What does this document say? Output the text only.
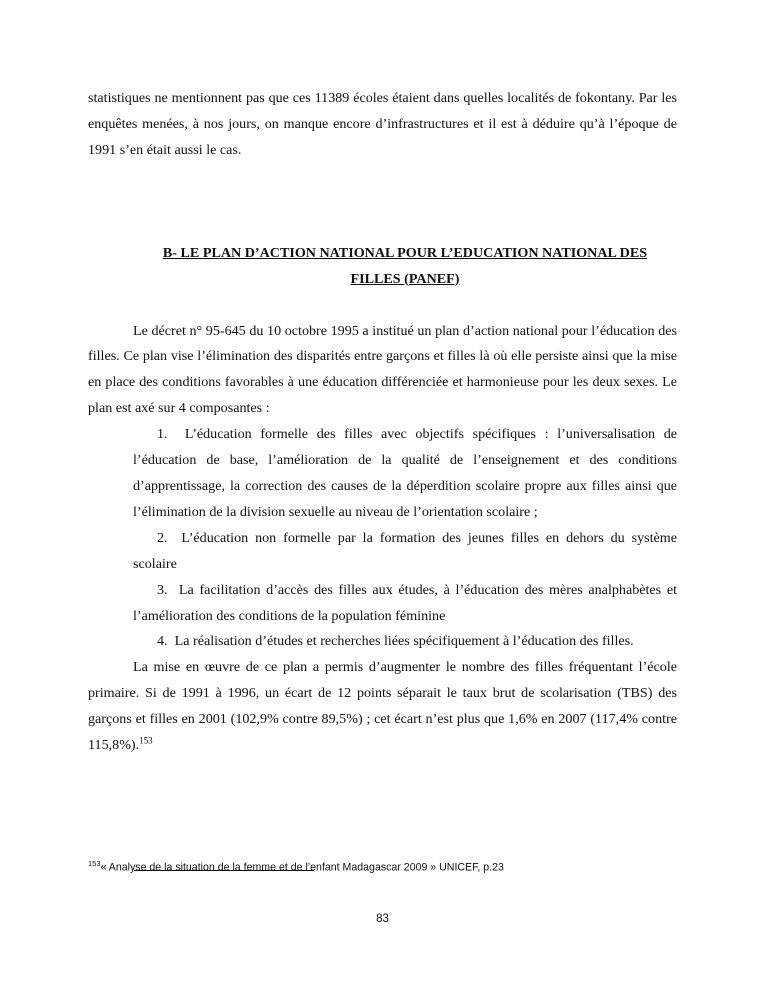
statistiques ne mentionnent pas que ces 11389 écoles étaient dans quelles localités de fokontany. Par les enquêtes menées, à nos jours, on manque encore d’infrastructures et il est à déduire qu’à l’époque de 1991 s’en était aussi le cas.

B- LE PLAN D’ACTION NATIONAL POUR L’EDUCATION NATIONAL DES
FILLES (PANEF)

Le décret n° 95-645 du 10 octobre 1995 a institué un plan d’action national pour l’éducation des filles. Ce plan vise l’élimination des disparités entre garçons et filles là où elle persiste ainsi que la mise en place des conditions favorables à une éducation différenciée et harmonieuse pour les deux sexes. Le plan est axé sur 4 composantes :

1. L’éducation formelle des filles avec objectifs spécifiques : l’universalisation de l’éducation de base, l’amélioration de la qualité de l’enseignement et des conditions d’apprentissage, la correction des causes de la déperdition scolaire propre aux filles ainsi que l’élimination de la division sexuelle au niveau de l’orientation scolaire ;
2. L’éducation non formelle par la formation des jeunes filles en dehors du système scolaire
3. La facilitation d’accès des filles aux études, à l’éducation des mères analphabètes et l’amélioration des conditions de la population féminine
4. La réalisation d’études et recherches liées spécifiquement à l’éducation des filles.

La mise en œuvre de ce plan a permis d’augmenter le nombre des filles fréquentant l’école primaire. Si de 1991 à 1996, un écart de 12 points séparait le taux brut de scolarisation (TBS) des garçons et filles en 2001 (102,9% contre 89,5%) ; cet écart n’est plus que 1,6% en 2007 (117,4% contre 115,8%).$^{153}$

$^{153}$« Analyse de la situation de la femme et de l’enfant Madagascar 2009 » UNICEF, p.23
83
